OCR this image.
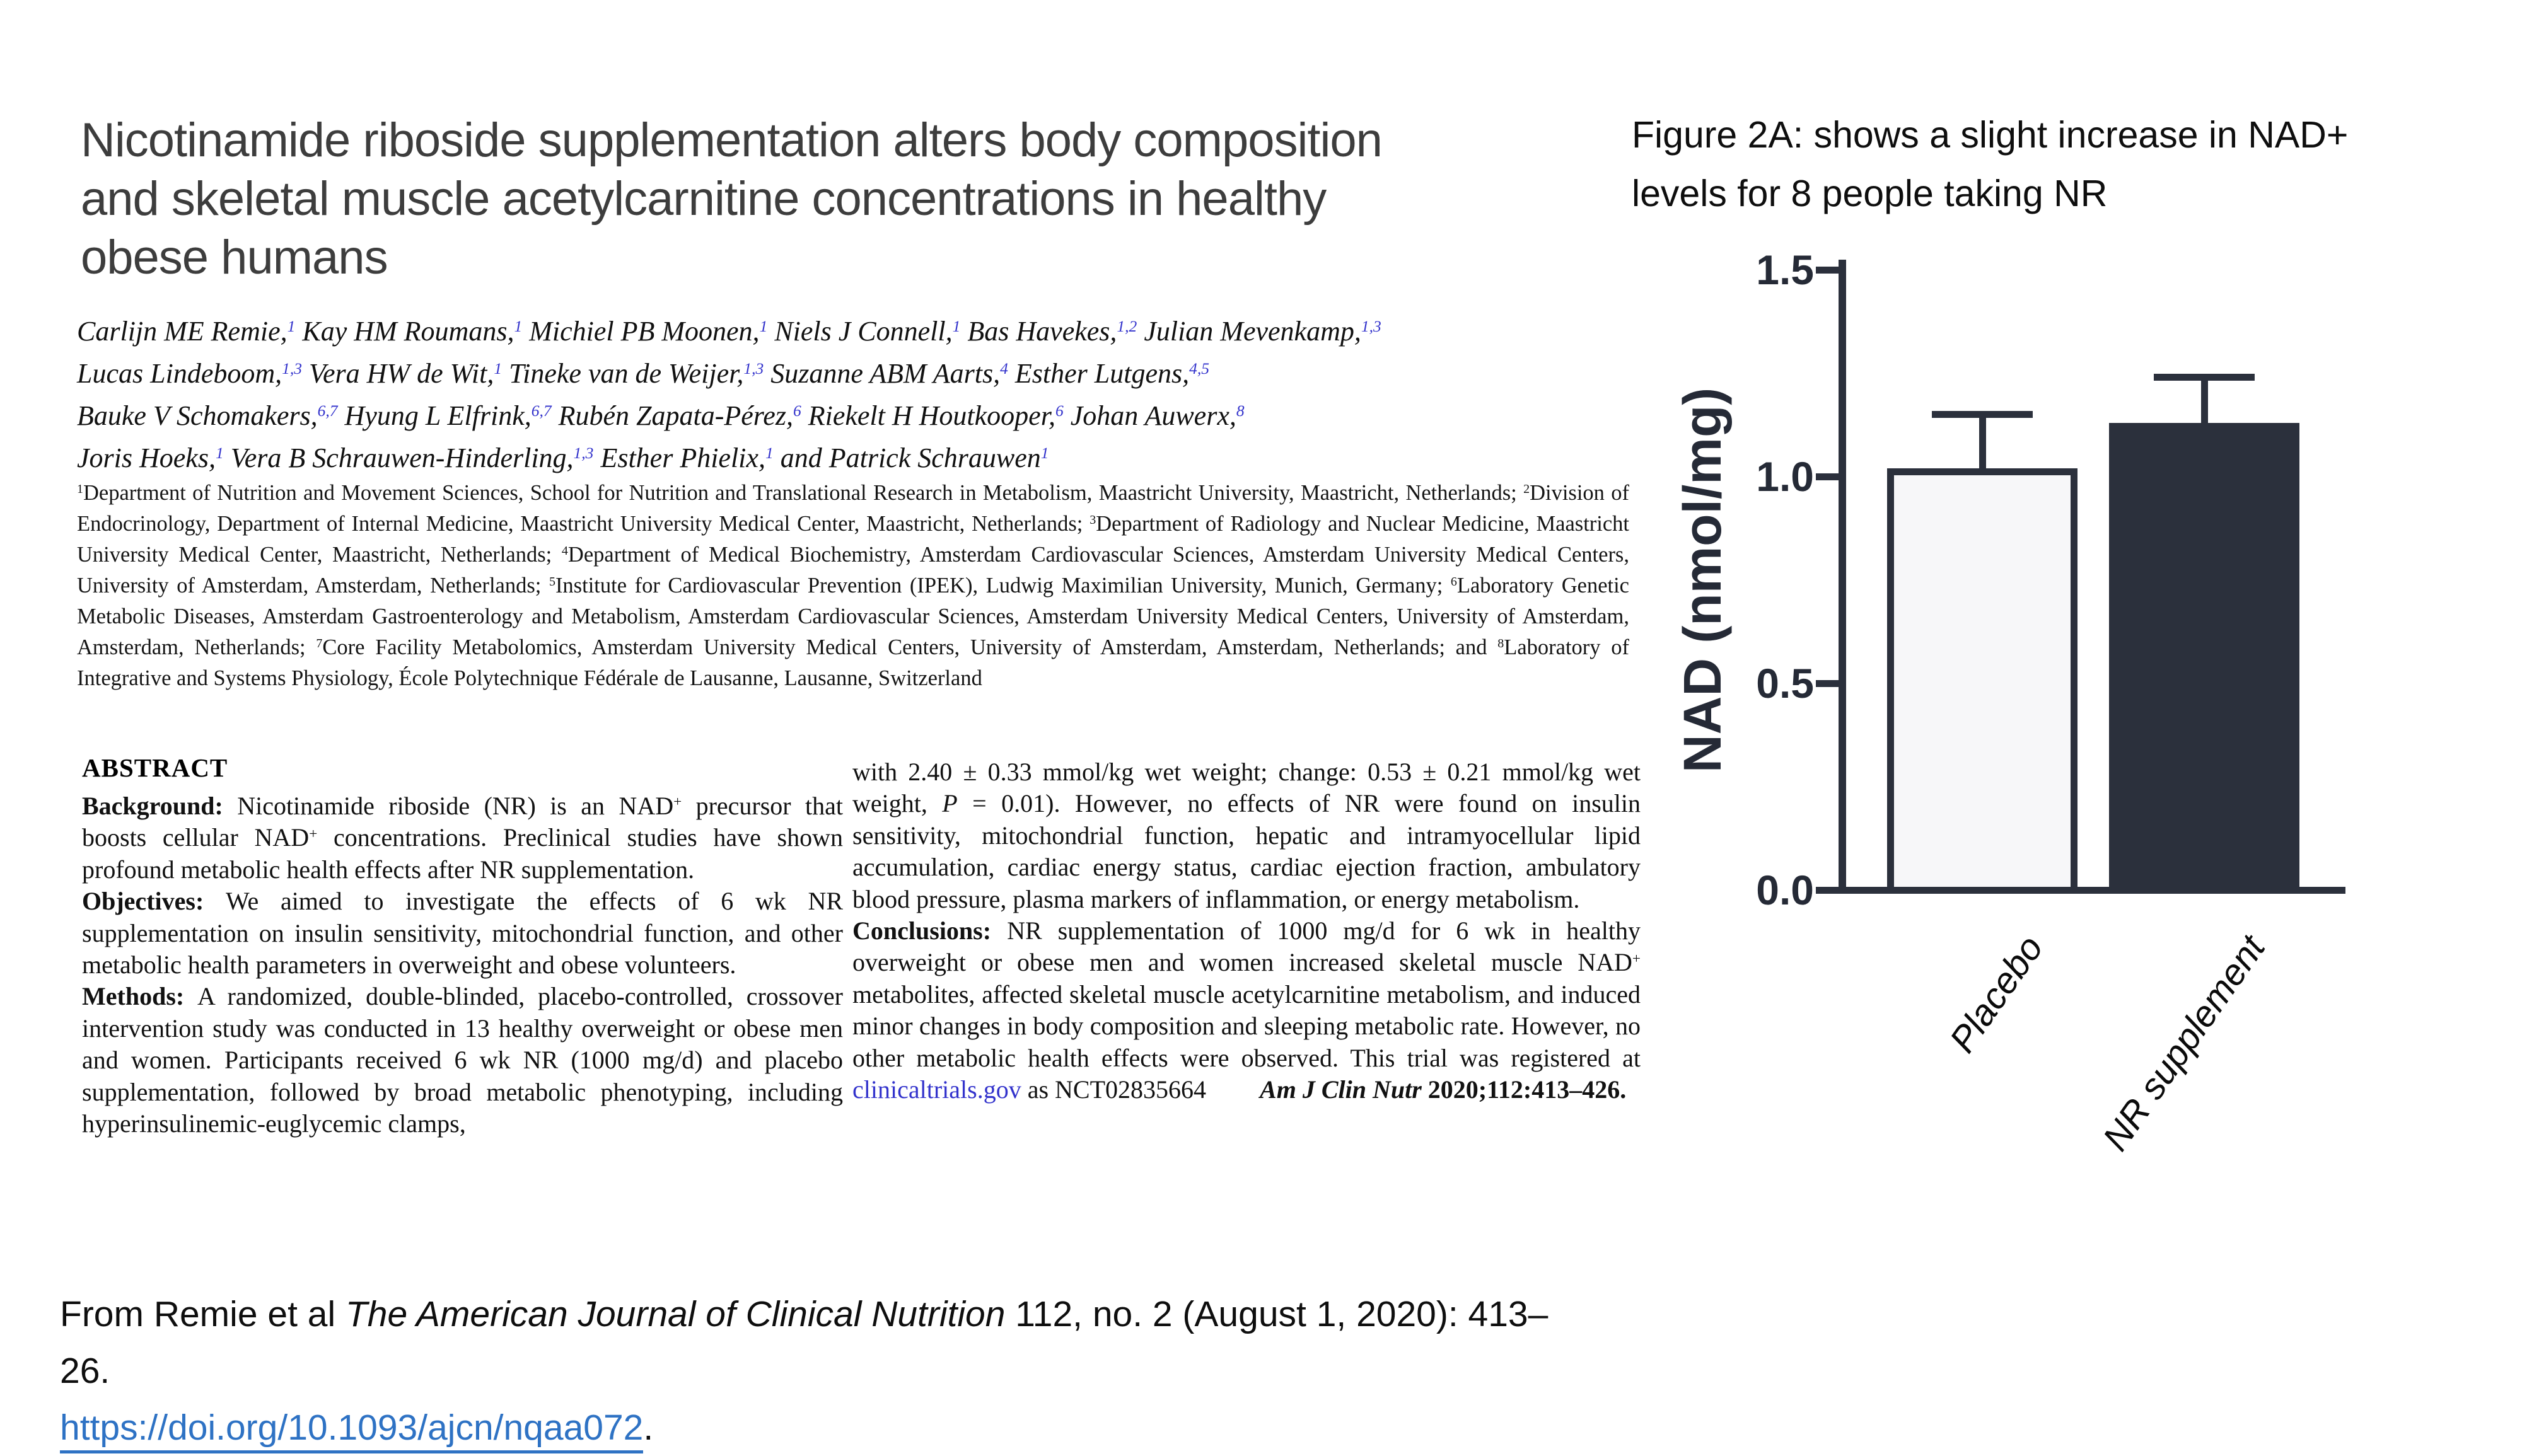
Nicotinamide riboside supplementation alters body composition
and skeletal muscle acetylcarnitine concentrations in healthy
obese humans
Carlijn ME Remie,$^1$ Kay HM Roumans,$^1$ Michiel PB Moonen,$^1$ Niels J Connell,$^1$ Bas Havekes,$^{1,2}$ Julian Mevenkamp,$^{1,3}$
Lucas Lindeboom,$^{1,3}$ Vera HW de Wit,$^1$ Tineke van de Weijer,$^{1,3}$ Suzanne ABM Aarts,$^4$ Esther Lutgens,$^{4,5}$
Bauke V Schomakers,$^{6,7}$ Hyung L Elfrink,$^{6,7}$ Rubén Zapata-Pérez,$^6$ Riekelt H Houtkooper,$^6$ Johan Auwerx,$^8$
Joris Hoeks,$^1$ Vera B Schrauwen-Hinderling,$^{1,3}$ Esther Phielix,$^1$ and Patrick Schrauwen$^1$
$^1$Department of Nutrition and Movement Sciences, School for Nutrition and Translational Research in Metabolism, Maastricht University, Maastricht, Netherlands; $^2$Division of Endocrinology, Department of Internal Medicine, Maastricht University Medical Center, Maastricht, Netherlands; $^3$Department of Radiology and Nuclear Medicine, Maastricht University Medical Center, Maastricht, Netherlands; $^4$Department of Medical Biochemistry, Amsterdam Cardiovascular Sciences, Amsterdam University Medical Centers, University of Amsterdam, Amsterdam, Netherlands; $^5$Institute for Cardiovascular Prevention (IPEK), Ludwig Maximilian University, Munich, Germany; $^6$Laboratory Genetic Metabolic Diseases, Amsterdam Gastroenterology and Metabolism, Amsterdam Cardiovascular Sciences, Amsterdam University Medical Centers, University of Amsterdam, Amsterdam, Netherlands; $^7$Core Facility Metabolomics, Amsterdam University Medical Centers, University of Amsterdam, Amsterdam, Netherlands; and $^8$Laboratory of Integrative and Systems Physiology, École Polytechnique Fédérale de Lausanne, Lausanne, Switzerland
ABSTRACT
Background: Nicotinamide riboside (NR) is an NAD+ precursor that boosts cellular NAD+ concentrations. Preclinical studies have shown profound metabolic health effects after NR supplementation.
Objectives: We aimed to investigate the effects of 6 wk NR supplementation on insulin sensitivity, mitochondrial function, and other metabolic health parameters in overweight and obese volunteers.
Methods: A randomized, double-blinded, placebo-controlled, crossover intervention study was conducted in 13 healthy overweight or obese men and women. Participants received 6 wk NR (1000 mg/d) and placebo supplementation, followed by broad metabolic phenotyping, including hyperinsulinemic-euglycemic clamps,
with 2.40 ± 0.33 mmol/kg wet weight; change: 0.53 ± 0.21 mmol/kg wet weight, P = 0.01). However, no effects of NR were found on insulin sensitivity, mitochondrial function, hepatic and intramyocellular lipid accumulation, cardiac energy status, cardiac ejection fraction, ambulatory blood pressure, plasma markers of inflammation, or energy metabolism.
Conclusions: NR supplementation of 1000 mg/d for 6 wk in healthy overweight or obese men and women increased skeletal muscle NAD+ metabolites, affected skeletal muscle acetylcarnitine metabolism, and induced minor changes in body composition and sleeping metabolic rate. However, no other metabolic health effects were observed. This trial was registered at clinicaltrials.gov as NCT02835664 Am J Clin Nutr 2020;112:413–426.
Figure 2A: shows a slight increase in NAD+
levels for 8 people taking NR
Placebo	NR supplement
0.0
0.5
1.0
1.5
NAD (nmol/mg)
From Remie et al The American Journal of Clinical Nutrition 112, no. 2 (August 1, 2020): 413–26.
https://doi.org/10.1093/ajcn/nqaa072.
